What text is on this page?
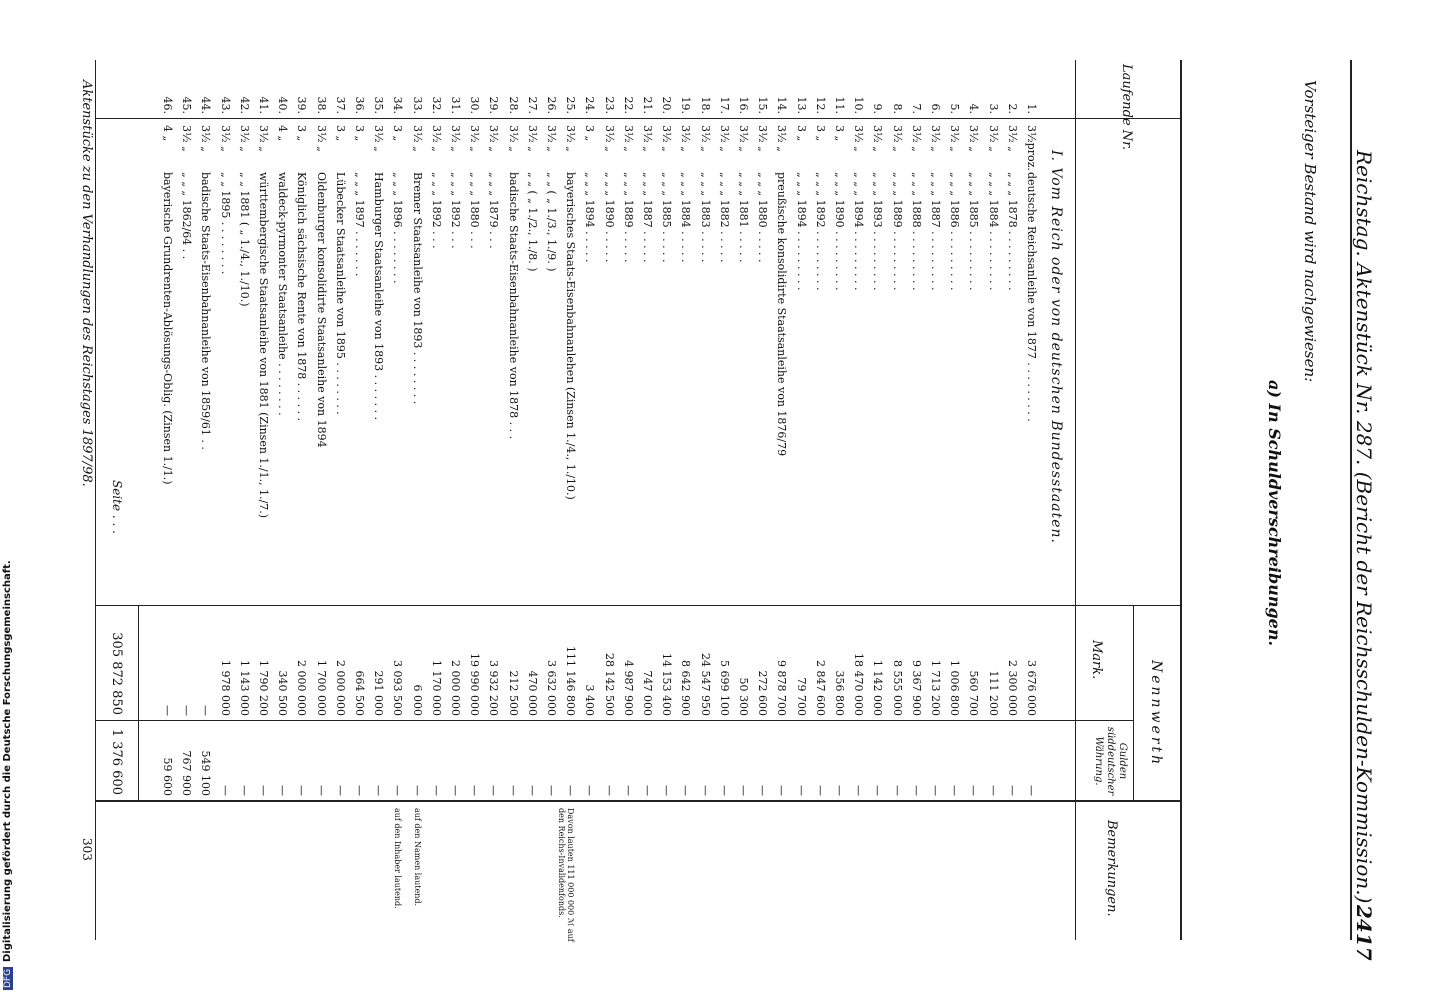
Reichstag. Aktenstück Nr. 287. (Bericht der Reichsschulden-Kommission.)
2417
Vorsteiger Bestand wird nachgewiesen:
a) In Schuldverschreibungen.
Laufende Nr.
Nennwerth
Mark.
Gulden süddeutscher Währung.
Bemerkungen.
I. Vom Reich oder von deutschen Bundesstaaten.
1.
3½proz.
deutsche Reichsanleihe von 1877 . . . . . . . . .
3 676 000
—
2.
3½ „
„ „ „ 1878 . . . . . . . . .
2 300 000
—
3.
3½ „
„ „ „ 1884 . . . . . . . . .
111 200
—
4.
3½ „
„ „ „ 1885 . . . . . . . . .
560 700
—
5.
3½ „
„ „ „ 1886 . . . . . . . . .
1 006 800
—
6.
3½ „
„ „ „ 1887 . . . . . . . . .
1 713 200
—
7.
3½ „
„ „ „ 1888 . . . . . . . . .
9 367 900
—
8.
3½ „
„ „ „ 1889 . . . . . . . . .
8 555 000
—
9.
3½ „
„ „ „ 1893 . . . . . . . . .
1 142 000
—
10.
3½ „
„ „ „ 1894 . . . . . . . . .
18 470 000
—
11.
3 „
„ „ „ 1890 . . . . . . . . .
356 800
—
12.
3 „
„ „ „ 1892 . . . . . . . . .
2 847 600
—
13.
3 „
„ „ „ 1894 . . . . . . . . .
79 700
—
14.
3½ „
preußische konsolidirte Staatsanleihe von 1876/79
9 878 700
—
15.
3½ „
„ „ „ 1880 . . . . .
272 600
—
16.
3½ „
„ „ „ 1881 . . . . .
50 300
—
17.
3½ „
„ „ „ 1882 . . . . .
5 699 100
—
18.
3½ „
„ „ „ 1883 . . . . .
24 547 950
—
19.
3½ „
„ „ „ 1884 . . . . .
8 642 900
—
20.
3½ „
„ „ „ 1885 . . . . .
14 153 400
—
21.
3½ „
„ „ „ 1887 . . . . .
747 000
—
22.
3½ „
„ „ „ 1889 . . . . .
4 987 900
—
23.
3½ „
„ „ „ 1890 . . . . .
28 142 500
—
24.
3 „
„ „ „ 1894 . . . . .
3 400
—
25.
3½ „
bayerisches Staats-Eisenbahnanlehen (Zinsen 1./4., 1./10.)
111 146 800
—
Davon lauten 111 000 000 ℳ auf den Reichs-Invalidenfonds.
26.
3½ „
„ „ ( „ 1./3., 1./9. )
3 632 000
—
27.
3½ „
„ „ ( „ 1./2., 1./8. )
470 000
—
28.
3½ „
badische Staats-Eisenbahnanleihe von 1878 . . .
212 500
—
29.
3½ „
„ „ „ 1879 . . .
3 932 200
—
30.
3½ „
„ „ „ 1880 . . .
19 990 000
—
31.
3½ „
„ „ „ 1892 . . .
2 000 000
—
32.
3½ „
„ „ „ 1892 . . .
1 170 000
—
33.
3½ „
Bremer Staatsanleihe von 1893 . . . . . . . .
6 000
—
auf den Namen lautend.
34.
3 „
„ „ „ 1896 . . . . . . . .
3 093 500
—
auf den Inhaber lautend.
35.
3½ „
Hamburger Staatsanleihe von 1893 . . . . . . .
291 000
—
36.
3 „
„ „ „ 1897 . . . . . . .
664 500
—
37.
3 „
Lübecker Staatsanleihe von 1895 . . . . . . . .
2 000 000
—
38.
3½ „
Oldenburger konsolidirte Staatsanleihe von 1894
1 700 000
—
39.
3 „
Königlich sächsische Rente von 1878 . . . . . .
2 000 000
—
40.
4 „
waldeck-pyrmonter Staatsanleihe . . . . . . . .
340 500
—
41.
3½ „
württembergische Staatsanleihe von 1881 (Zinsen 1./1., 1./7.)
1 790 200
—
42.
3½ „
„ „ 1881 ( „ 1./4., 1./10.)
1 143 000
—
43.
3½ „
„ „ 1895 . . . . . . . .
1 978 000
—
44.
3½ „
badische Staats-Eisenbahnanleihe von 1859/61 . .
—
549 100
45.
3½ „
„ „ „ 1862/64 . .
—
767 900
46.
4 „
bayerische Grundrenten-Ablösungs-Oblig. (Zinsen 1./1.)
—
59 600
Seite . . .
305 872 850
1 376 600
Aktenstücke zu den Verhandlungen des Reichstages 1897/98.
303
DFG
Digitalisierung gefördert durch die Deutsche Forschungsgemeinschaft.
